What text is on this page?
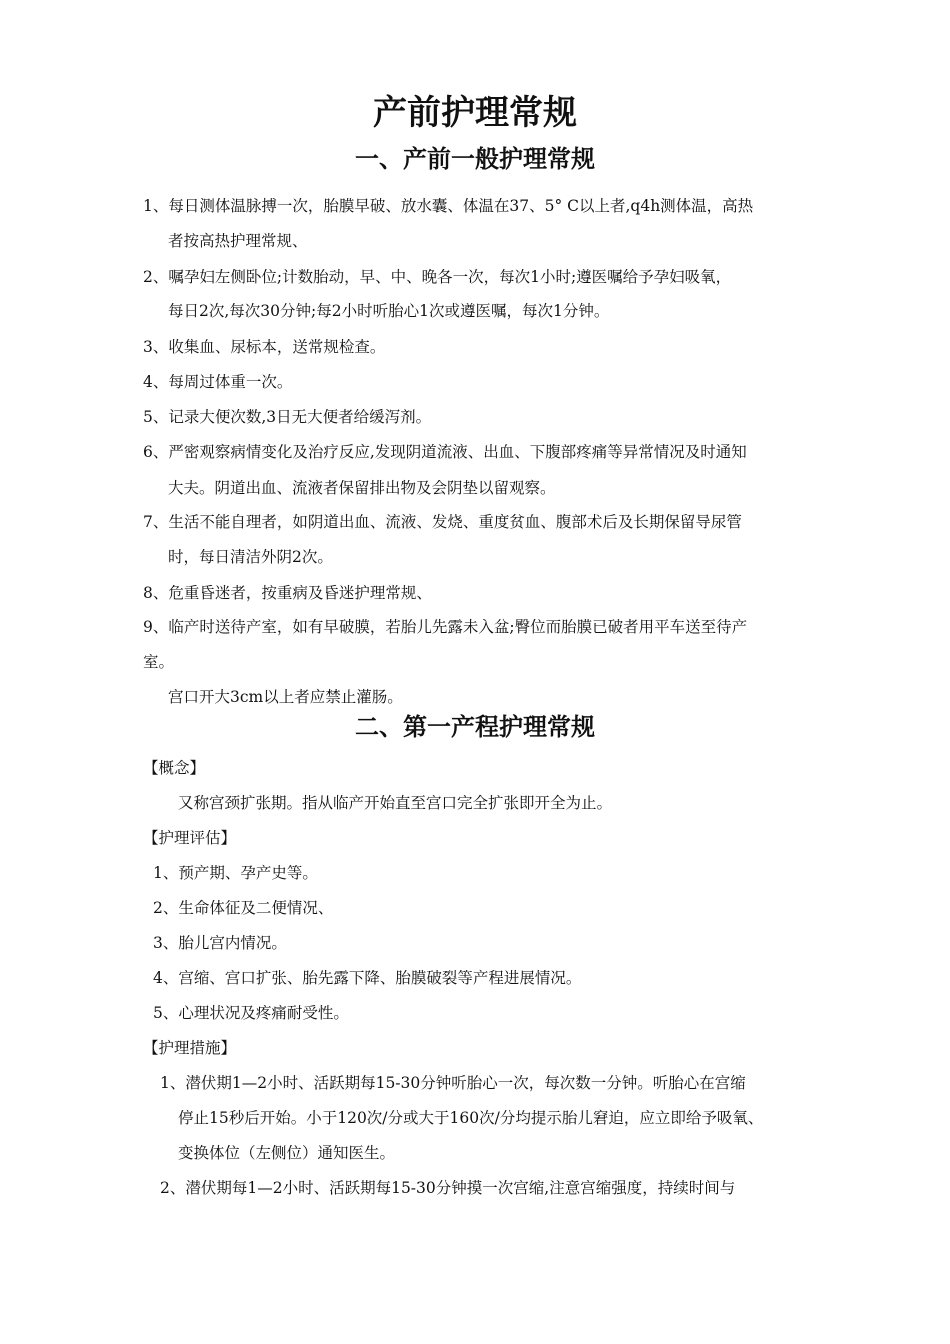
产前护理常规
一、产前一般护理常规
1、每日测体温脉搏一次，胎膜早破、放水囊、体温在37、5° C以上者,q4h测体温，高热
者按高热护理常规、
2、嘱孕妇左侧卧位;计数胎动，早、中、晚各一次，每次1小时;遵医嘱给予孕妇吸氧，
每日2次,每次30分钟;每2小时听胎心1次或遵医嘱，每次1分钟。
3、收集血、尿标本，送常规检查。
4、每周过体重一次。
5、记录大便次数,3日无大便者给缓泻剂。
6、严密观察病情变化及治疗反应,发现阴道流液、出血、下腹部疼痛等异常情况及时通知
大夫。阴道出血、流液者保留排出物及会阴垫以留观察。
7、生活不能自理者，如阴道出血、流液、发烧、重度贫血、腹部术后及长期保留导尿管
时，每日清洁外阴2次。
8、危重昏迷者，按重病及昏迷护理常规、
9、临产时送待产室，如有早破膜，若胎儿先露未入盆;臀位而胎膜已破者用平车送至待产
室。
宫口开大3cm以上者应禁止灌肠。
二、第一产程护理常规
【概念】
又称宫颈扩张期。指从临产开始直至宫口完全扩张即开全为止。
【护理评估】
1、预产期、孕产史等。
2、生命体征及二便情况、
3、胎儿宫内情况。
4、宫缩、宫口扩张、胎先露下降、胎膜破裂等产程进展情况。
5、心理状况及疼痛耐受性。
【护理措施】
1、潜伏期1—2小时、活跃期每15-30分钟听胎心一次，每次数一分钟。听胎心在宫缩
停止15秒后开始。小于120次/分或大于160次/分均提示胎儿窘迫，应立即给予吸氧、
变换体位（左侧位）通知医生。
2、潜伏期每1—2小时、活跃期每15-30分钟摸一次宫缩,注意宫缩强度，持续时间与
